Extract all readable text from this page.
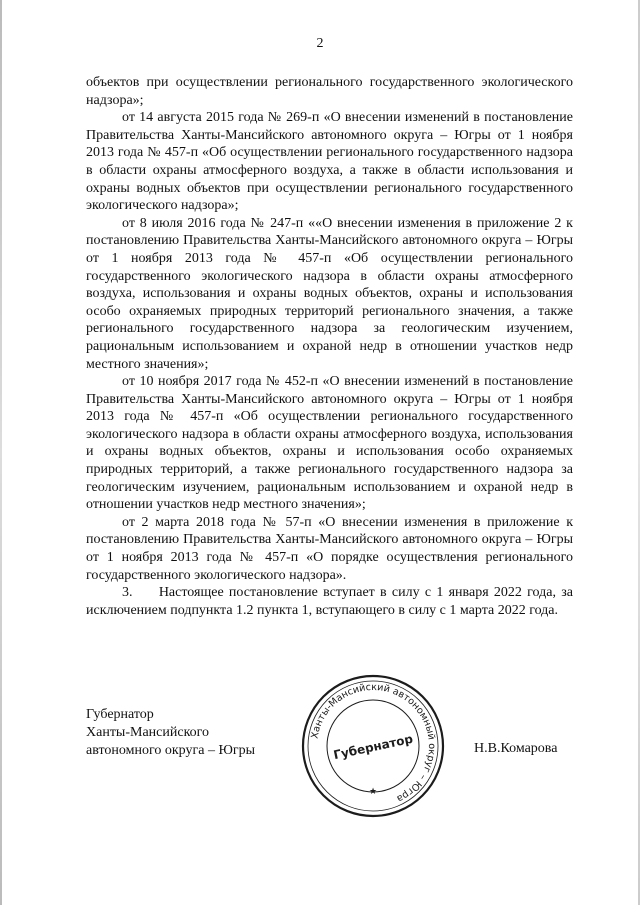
2

объектов при осуществлении регионального государственного экологического надзора»;

от 14 августа 2015 года № 269-п «О внесении изменений в постановление Правительства Ханты-Мансийского автономного округа – Югры от 1 ноября 2013 года № 457-п «Об осуществлении регионального государственного надзора в области охраны атмосферного воздуха, а также в области использования и охраны водных объектов при осуществлении регионального государственного экологического надзора»;

от 8 июля 2016 года № 247-п ««О внесении изменения в приложение 2 к постановлению Правительства Ханты-Мансийского автономного округа – Югры от 1 ноября 2013 года № 457-п «Об осуществлении регионального государственного экологического надзора в области охраны атмосферного воздуха, использования и охраны водных объектов, охраны и использования особо охраняемых природных территорий регионального значения, а также регионального государственного надзора за геологическим изучением, рациональным использованием и охраной недр в отношении участков недр местного значения»;

от 10 ноября 2017 года № 452-п «О внесении изменений в постановление Правительства Ханты-Мансийского автономного округа – Югры от 1 ноября 2013 года № 457-п «Об осуществлении регионального государственного экологического надзора в области охраны атмосферного воздуха, использования и охраны водных объектов, охраны и использования особо охраняемых природных территорий, а также регионального государственного надзора за геологическим изучением, рациональным использованием и охраной недр в отношении участков недр местного значения»;

от 2 марта 2018 года № 57-п «О внесении изменения в приложение к постановлению Правительства Ханты-Мансийского автономного округа – Югры от 1 ноября 2013 года № 457-п «О порядке осуществления регионального государственного экологического надзора».

3.     Настоящее постановление вступает в силу с 1 января 2022 года, за исключением подпункта 1.2 пункта 1, вступающего в силу с 1 марта 2022 года.

Губернатор
Ханты-Мансийского
автономного округа – Югры
Ханты-Мансийский автономный округ – Югра
Губернатор
★
Н.В.Комарова
